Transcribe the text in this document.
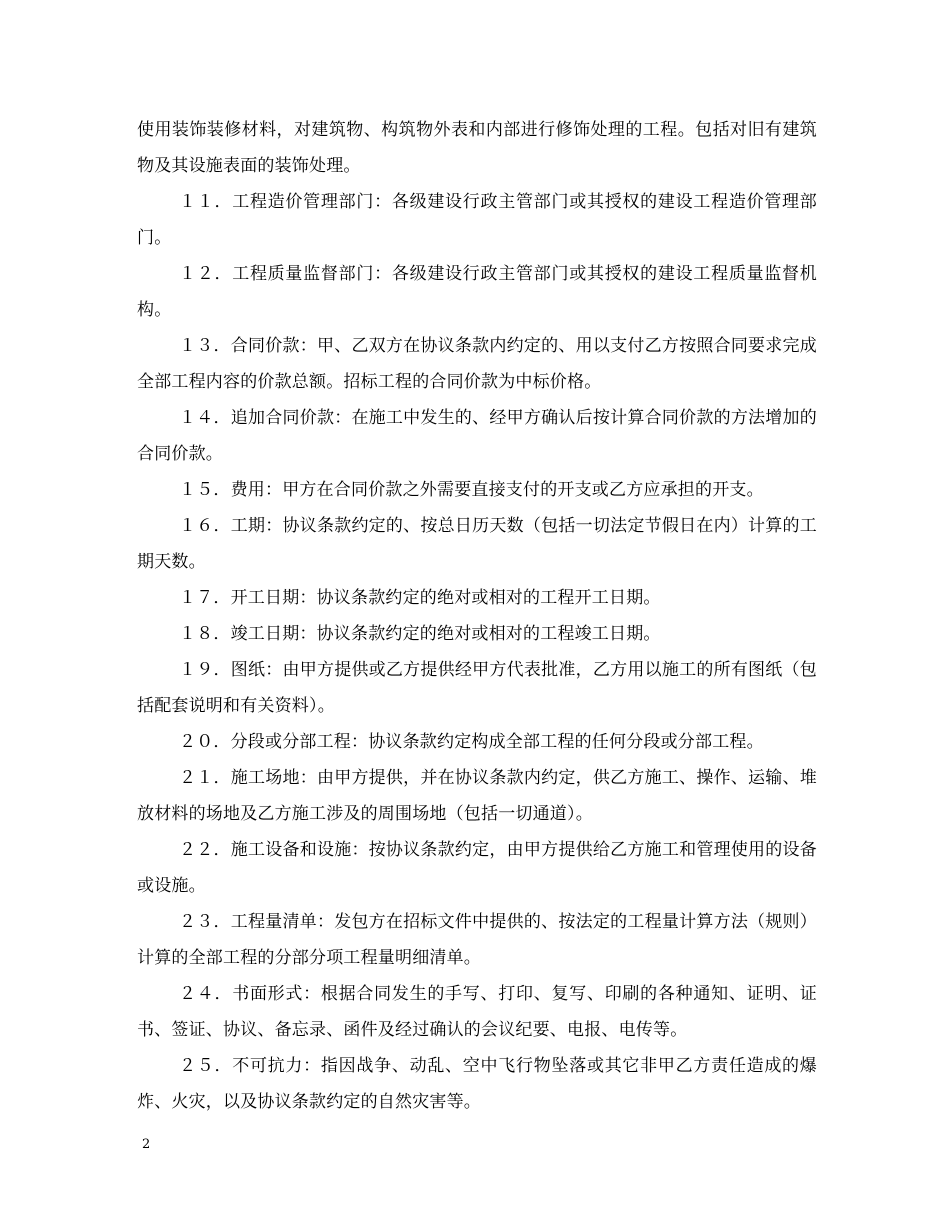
使用装饰装修材料，对建筑物、构筑物外表和内部进行修饰处理的工程。包括对旧有建筑物及其设施表面的装饰处理。

１１．工程造价管理部门：各级建设行政主管部门或其授权的建设工程造价管理部门。

１２．工程质量监督部门：各级建设行政主管部门或其授权的建设工程质量监督机构。

１３．合同价款：甲、乙双方在协议条款内约定的、用以支付乙方按照合同要求完成全部工程内容的价款总额。招标工程的合同价款为中标价格。

１４．追加合同价款：在施工中发生的、经甲方确认后按计算合同价款的方法增加的合同价款。

１５．费用：甲方在合同价款之外需要直接支付的开支或乙方应承担的开支。

１６．工期：协议条款约定的、按总日历天数（包括一切法定节假日在内）计算的工期天数。

１７．开工日期：协议条款约定的绝对或相对的工程开工日期。

１８．竣工日期：协议条款约定的绝对或相对的工程竣工日期。

１９．图纸：由甲方提供或乙方提供经甲方代表批准，乙方用以施工的所有图纸（包括配套说明和有关资料）。

２０．分段或分部工程：协议条款约定构成全部工程的任何分段或分部工程。

２１．施工场地：由甲方提供，并在协议条款内约定，供乙方施工、操作、运输、堆放材料的场地及乙方施工涉及的周围场地（包括一切通道）。

２２．施工设备和设施：按协议条款约定，由甲方提供给乙方施工和管理使用的设备或设施。

２３．工程量清单：发包方在招标文件中提供的、按法定的工程量计算方法（规则）计算的全部工程的分部分项工程量明细清单。

２４．书面形式：根据合同发生的手写、打印、复写、印刷的各种通知、证明、证书、签证、协议、备忘录、函件及经过确认的会议纪要、电报、电传等。

２５．不可抗力：指因战争、动乱、空中飞行物坠落或其它非甲乙方责任造成的爆炸、火灾，以及协议条款约定的自然灾害等。

2
